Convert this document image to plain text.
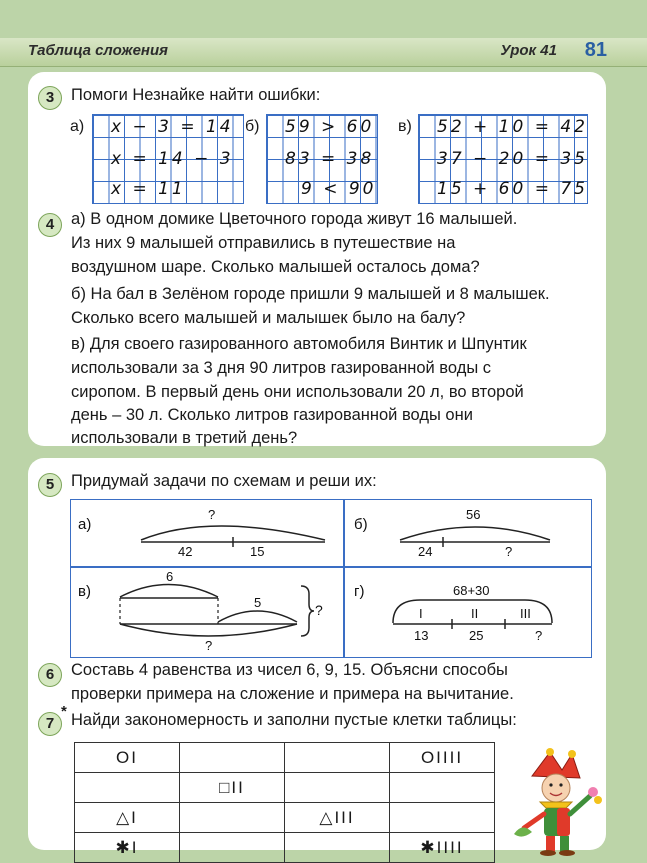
Таблица сложения	Урок 41 81
3	Помоги Незнайке найти ошибки:
а) x − 3 = 14
x = 14 − 3
x = 11
б) 59 > 60
83 = 38
9 < 90
в) 52 + 10 = 42
37 − 20 = 35
15 + 60 = 75
4	а) В одном домике Цветочного города живут 16 малышей.
Из них 9 малышей отправились в путешествие на
воздушном шаре. Сколько малышей осталось дома?
б) На бал в Зелёном городе пришли 9 малышей и 8 малышек.
Сколько всего малышей и малышек было на балу?
в) Для своего газированного автомобиля Винтик и Шпунтик
использовали за 3 дня 90 литров газированной воды с
сиропом. В первый день они использовали 20 л, во второй
день – 30 л. Сколько литров газированной воды они
использовали в третий день?
5	Придумай задачи по схемам и реши их:
а)
?
42	15
б)
56
24	?
в)
6
5
?
?
г)	68+30
I	II	III
13	25	?
6	Составь 4 равенства из чисел 6, 9, 15. Объясни способы
проверки примера на сложение и примера на вычитание.
7
* Найди закономерность и заполни пустые клетки таблицы:
OI			OIIII
	□II		
△I		△III	
✱I			✱IIII
